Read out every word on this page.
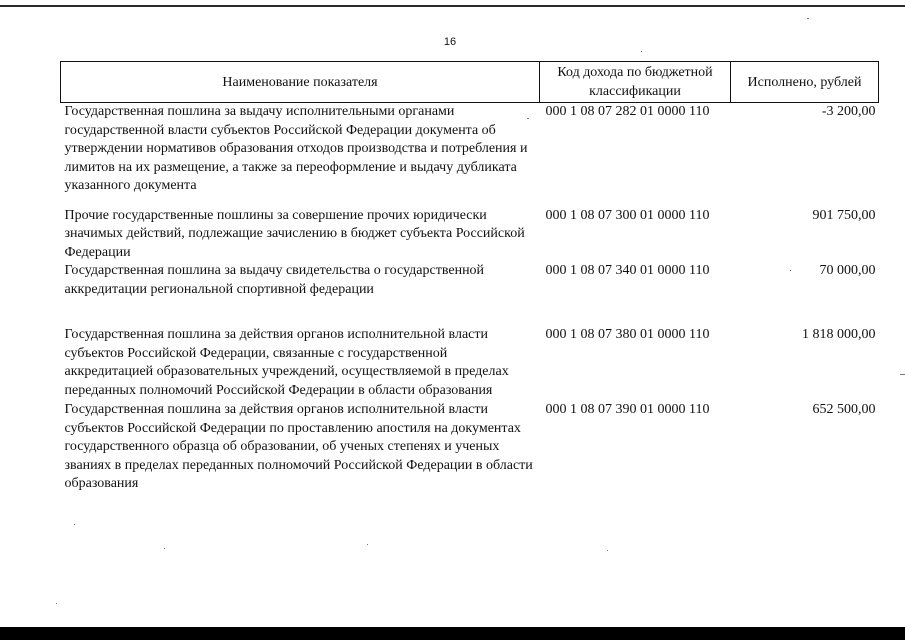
16
Наименование показателя	Код дохода по бюджетной классификации	Исполнено, рублей
Государственная пошлина за выдачу исполнительными органами государственной власти субъектов Российской Федерации документа об утверждении нормативов образования отходов производства и потребления и лимитов на их размещение, а также за переоформление и выдачу дубликата указанного документа	000 1 08 07 282 01 0000 110	-3 200,00
Прочие государственные пошлины за совершение прочих юридически значимых действий, подлежащие зачислению в бюджет субъекта Российской Федерации	000 1 08 07 300 01 0000 110	901 750,00
Государственная пошлина за выдачу свидетельства о государственной аккредитации региональной спортивной федерации	000 1 08 07 340 01 0000 110	70 000,00
Государственная пошлина за действия органов исполнительной власти субъектов Российской Федерации, связанные с государственной аккредитацией образовательных учреждений, осуществляемой в пределах переданных полномочий Российской Федерации в области образования	000 1 08 07 380 01 0000 110	1 818 000,00
Государственная пошлина за действия органов исполнительной власти субъектов Российской Федерации по проставлению апостиля на документах государственного образца об образовании, об ученых степенях и ученых званиях в пределах переданных полномочий Российской Федерации в области образования	000 1 08 07 390 01 0000 110	652 500,00
